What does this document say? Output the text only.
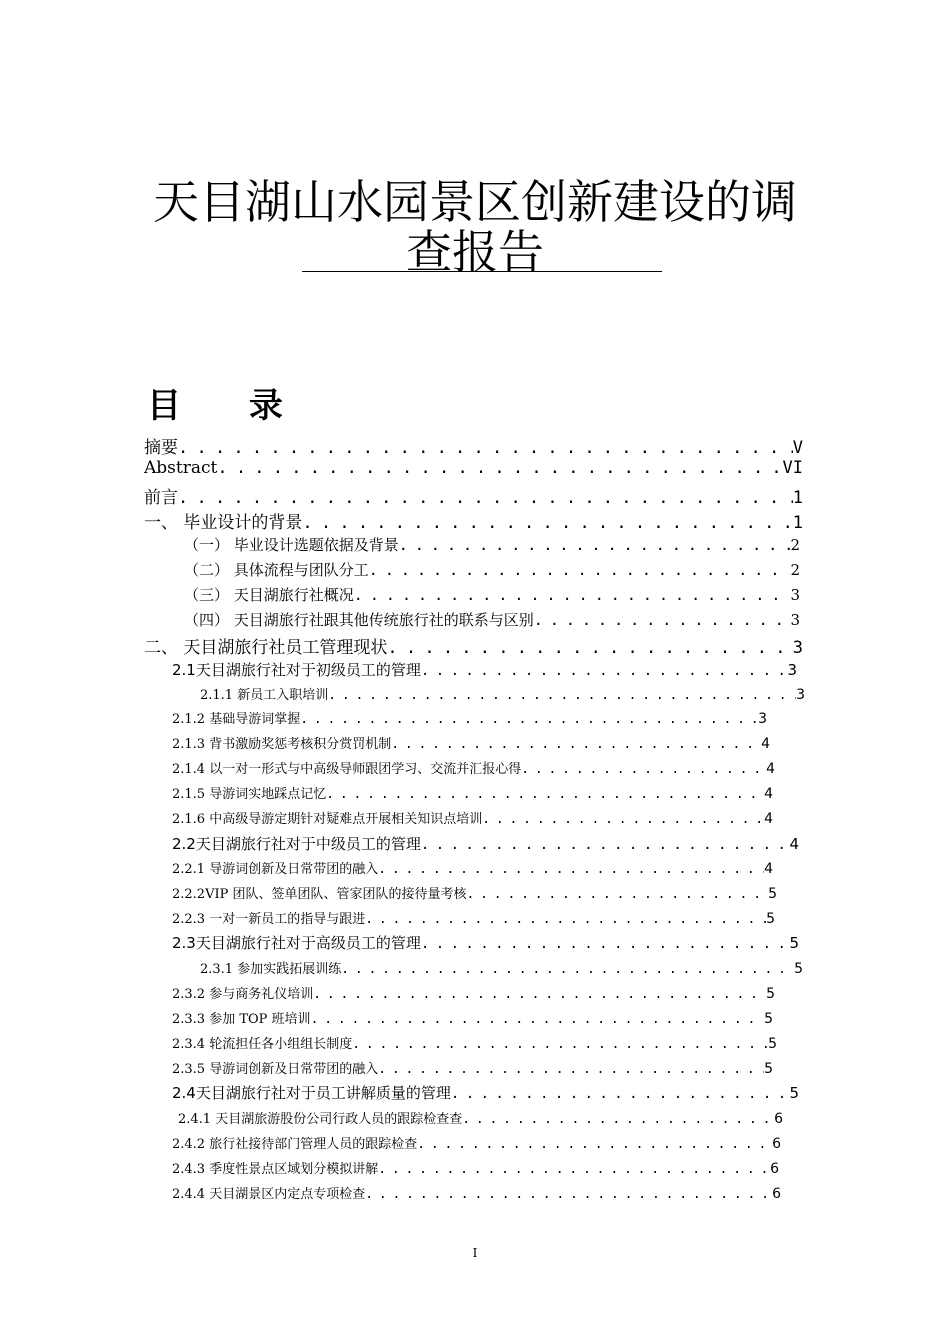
天目湖山水园景区创新建设的调
查报告
目 录
摘要 . . .	V
Abstract . . .	VI
前言 . . .	1
一、 毕业设计的背景 . . .	1
（一） 毕业设计选题依据及背景 . . .	2
（二） 具体流程与团队分工 . . .	2
（三） 天目湖旅行社概况 . . .	3
（四） 天目湖旅行社跟其他传统旅行社的联系与区别 . . .	3
二、 天目湖旅行社员工管理现状 . . .	3
2.1天目湖旅行社对于初级员工的管理 . . .	3
2.1.1 新员工入职培训 . . .	3
2.1.2 基础导游词掌握 . . .	3
2.1.3 背书激励奖惩考核积分赏罚机制 . . .	4
2.1.4 以一对一形式与中高级导师跟团学习、交流并汇报心得 . . .	4
2.1.5 导游词实地踩点记忆 . . .	4
2.1.6 中高级导游定期针对疑难点开展相关知识点培训 . . .	4
2.2天目湖旅行社对于中级员工的管理 . . .	4
2.2.1 导游词创新及日常带团的融入 . . .	4
2.2.2VIP 团队、签单团队、管家团队的接待量考核 . . .	5
2.2.3 一对一新员工的指导与跟进 . . .	5
2.3天目湖旅行社对于高级员工的管理 . . .	5
2.3.1 参加实践拓展训练 . . .	5
2.3.2 参与商务礼仪培训 . . .	5
2.3.3 参加 TOP 班培训 . . .	5
2.3.4 轮流担任各小组组长制度 . . .	5
2.3.5 导游词创新及日常带团的融入 . . .	5
2.4天目湖旅行社对于员工讲解质量的管理 . . .	5
2.4.1 天目湖旅游股份公司行政人员的跟踪检查查 . . .	6
2.4.2 旅行社接待部门管理人员的跟踪检查 . . .	6
2.4.3 季度性景点区域划分模拟讲解 . . .	6
2.4.4 天目湖景区内定点专项检查 . . .	6
I
